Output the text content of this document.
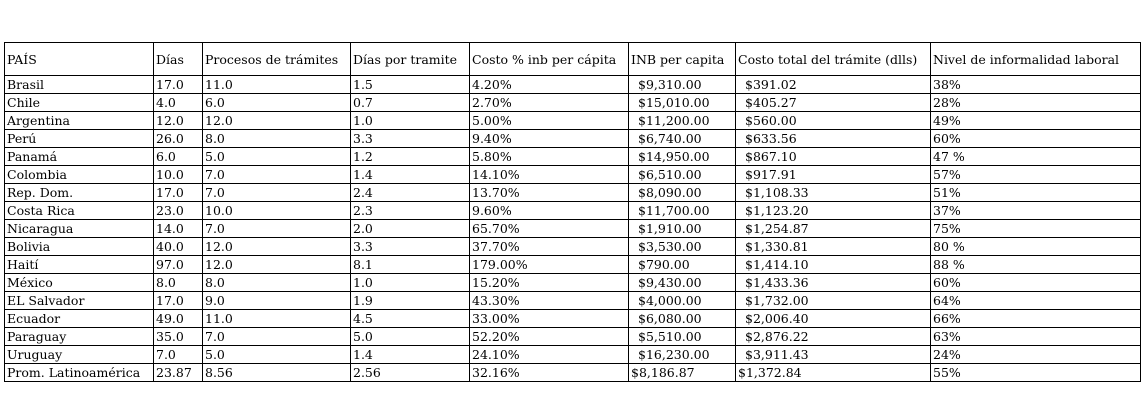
PAÍS	Días	Procesos de trámites	Días por tramite	Costo % inb per cápita	INB per capita	Costo total del trámite (dlls)	Nivel de informalidad laboral
Brasil	17.0	11.0	1.5	4.20%	$9,310.00	$391.02	38%
Chile	4.0	6.0	0.7	2.70%	$15,010.00	$405.27	28%
Argentina	12.0	12.0	1.0	5.00%	$11,200.00	$560.00	49%
Perú	26.0	8.0	3.3	9.40%	$6,740.00	$633.56	60%
Panamá	6.0	5.0	1.2	5.80%	$14,950.00	$867.10	47 %
Colombia	10.0	7.0	1.4	14.10%	$6,510.00	$917.91	57%
Rep. Dom.	17.0	7.0	2.4	13.70%	$8,090.00	$1,108.33	51%
Costa Rica	23.0	10.0	2.3	9.60%	$11,700.00	$1,123.20	37%
Nicaragua	14.0	7.0	2.0	65.70%	$1,910.00	$1,254.87	75%
Bolivia	40.0	12.0	3.3	37.70%	$3,530.00	$1,330.81	80 %
Haití	97.0	12.0	8.1	179.00%	$790.00	$1,414.10	88 %
México	8.0	8.0	1.0	15.20%	$9,430.00	$1,433.36	60%
EL Salvador	17.0	9.0	1.9	43.30%	$4,000.00	$1,732.00	64%
Ecuador	49.0	11.0	4.5	33.00%	$6,080.00	$2,006.40	66%
Paraguay	35.0	7.0	5.0	52.20%	$5,510.00	$2,876.22	63%
Uruguay	7.0	5.0	1.4	24.10%	$16,230.00	$3,911.43	24%
Prom. Latinoamérica	23.87	8.56	2.56	32.16%	$8,186.87	$1,372.84	55%
